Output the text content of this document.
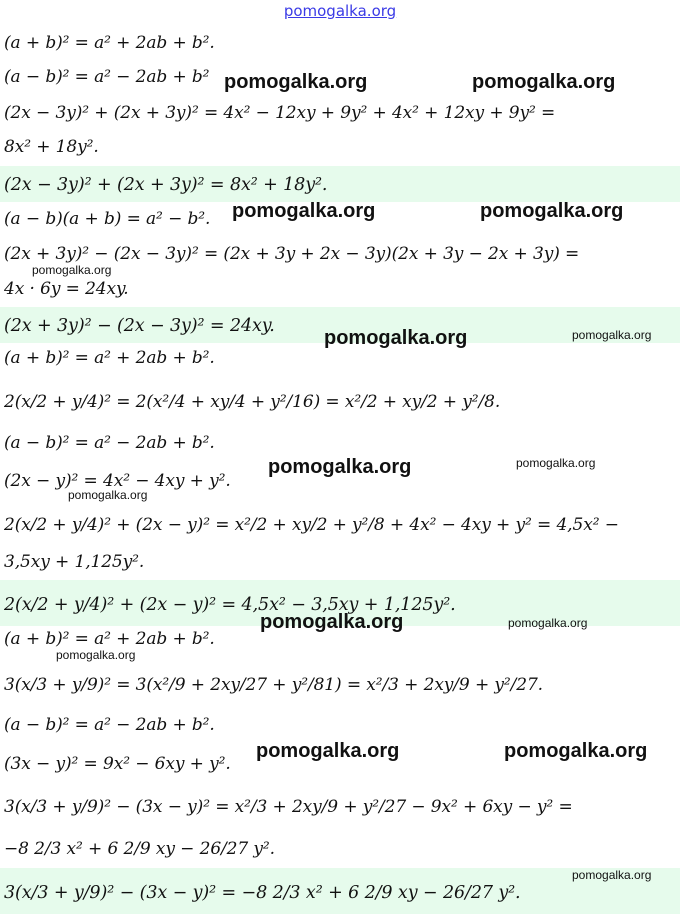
pomogalka.org
(a + b)² = a² + 2ab + b².
(a − b)² = a² − 2ab + b²
(2x − 3y)² + (2x + 3y)² = 4x² − 12xy + 9y² + 4x² + 12xy + 9y² =
8x² + 18y².
(2x − 3y)² + (2x + 3y)² = 8x² + 18y².
(a − b)(a + b) = a² − b².
(2x + 3y)² − (2x − 3y)² = (2x + 3y + 2x − 3y)(2x + 3y − 2x + 3y) =
4x · 6y = 24xy.
(2x + 3y)² − (2x − 3y)² = 24xy.
(a + b)² = a² + 2ab + b².
2(x/2 + y/4)² = 2(x²/4 + xy/4 + y²/16) = x²/2 + xy/2 + y²/8.
(a − b)² = a² − 2ab + b².
(2x − y)² = 4x² − 4xy + y².
2(x/2 + y/4)² + (2x − y)² = x²/2 + xy/2 + y²/8 + 4x² − 4xy + y² = 4,5x² −
3,5xy + 1,125y².
2(x/2 + y/4)² + (2x − y)² = 4,5x² − 3,5xy + 1,125y².
(a + b)² = a² + 2ab + b².
3(x/3 + y/9)² = 3(x²/9 + 2xy/27 + y²/81) = x²/3 + 2xy/9 + y²/27.
(a − b)² = a² − 2ab + b².
(3x − y)² = 9x² − 6xy + y².
3(x/3 + y/9)² − (3x − y)² = x²/3 + 2xy/9 + y²/27 − 9x² + 6xy − y² =
−8 2/3 x² + 6 2/9 xy − 26/27 y².
3(x/3 + y/9)² − (3x − y)² = −8 2/3 x² + 6 2/9 xy − 26/27 y².
pomogalka.org	pomogalka.org
pomogalka.org	pomogalka.org
pomogalka.org
pomogalka.org	pomogalka.org
pomogalka.org	pomogalka.org
pomogalka.org
pomogalka.org	pomogalka.org
pomogalka.org
pomogalka.org	pomogalka.org
pomogalka.org
